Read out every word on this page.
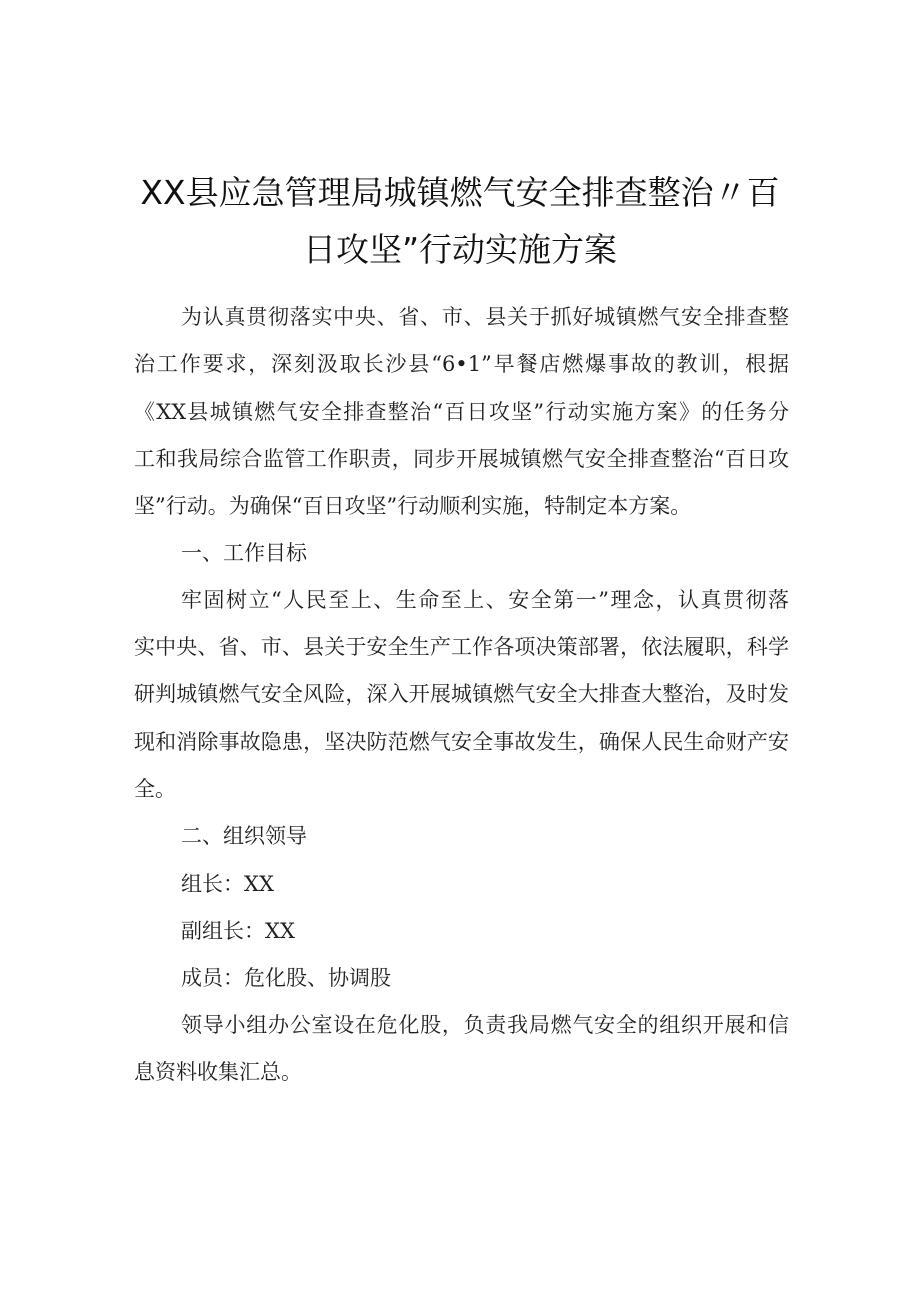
XX县应急管理局城镇燃气安全排查整治〃百
日攻坚”行动实施方案
为认真贯彻落实中央、省、市、县关于抓好城镇燃气安全排查整
治工作要求，深刻汲取长沙县“6•1”早餐店燃爆事故的教训，根据
《XX县城镇燃气安全排查整治“百日攻坚”行动实施方案》的任务分
工和我局综合监管工作职责，同步开展城镇燃气安全排查整治“百日攻
坚”行动。为确保“百日攻坚”行动顺利实施，特制定本方案。
一、工作目标
牢固树立“人民至上、生命至上、安全第一”理念，认真贯彻落
实中央、省、市、县关于安全生产工作各项决策部署，依法履职，科学
研判城镇燃气安全风险，深入开展城镇燃气安全大排查大整治，及时发
现和消除事故隐患，坚决防范燃气安全事故发生，确保人民生命财产安
全。
二、组织领导
组长：XX
副组长：XX
成员：危化股、协调股
领导小组办公室设在危化股，负责我局燃气安全的组织开展和信
息资料收集汇总。
